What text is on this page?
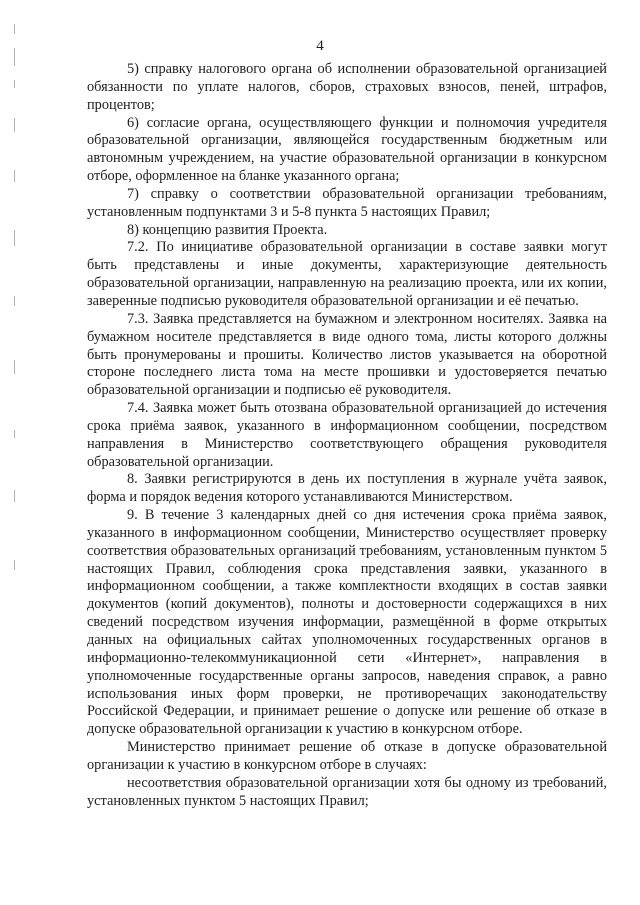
4

5) справку налогового органа об исполнении образовательной организацией обязанности по уплате налогов, сборов, страховых взносов, пеней, штрафов, процентов;

6) согласие органа, осуществляющего функции и полномочия учредителя образовательной организации, являющейся государственным бюджетным или автономным учреждением, на участие образовательной организации в конкурсном отборе, оформленное на бланке указанного органа;

7) справку о соответствии образовательной организации требованиям, установленным подпунктами 3 и 5-8 пункта 5 настоящих Правил;

8) концепцию развития Проекта.

7.2. По инициативе образовательной организации в составе заявки могут быть представлены и иные документы, характеризующие деятельность образовательной организации, направленную на реализацию проекта, или их копии, заверенные подписью руководителя образовательной организации и её печатью.

7.3. Заявка представляется на бумажном и электронном носителях. Заявка на бумажном носителе представляется в виде одного тома, листы которого должны быть пронумерованы и прошиты. Количество листов указывается на оборотной стороне последнего листа тома на месте прошивки и удостоверяется печатью образовательной организации и подписью её руководителя.

7.4. Заявка может быть отозвана образовательной организацией до истечения срока приёма заявок, указанного в информационном сообщении, посредством направления в Министерство соответствующего обращения руководителя образовательной организации.

8. Заявки регистрируются в день их поступления в журнале учёта заявок, форма и порядок ведения которого устанавливаются Министерством.

9. В течение 3 календарных дней со дня истечения срока приёма заявок, указанного в информационном сообщении, Министерство осуществляет проверку соответствия образовательных организаций требованиям, установленным пунктом 5 настоящих Правил, соблюдения срока представления заявки, указанного в информационном сообщении, а также комплектности входящих в состав заявки документов (копий документов), полноты и достоверности содержащихся в них сведений посредством изучения информации, размещённой в форме открытых данных на официальных сайтах уполномоченных государственных органов в информационно-телекоммуникационной сети «Интернет», направления в уполномоченные государственные органы запросов, наведения справок, а равно использования иных форм проверки, не противоречащих законодательству Российской Федерации, и принимает решение о допуске или решение об отказе в допуске образовательной организации к участию в конкурсном отборе.

Министерство принимает решение об отказе в допуске образовательной организации к участию в конкурсном отборе в случаях:

несоответствия образовательной организации хотя бы одному из требований, установленных пунктом 5 настоящих Правил;
